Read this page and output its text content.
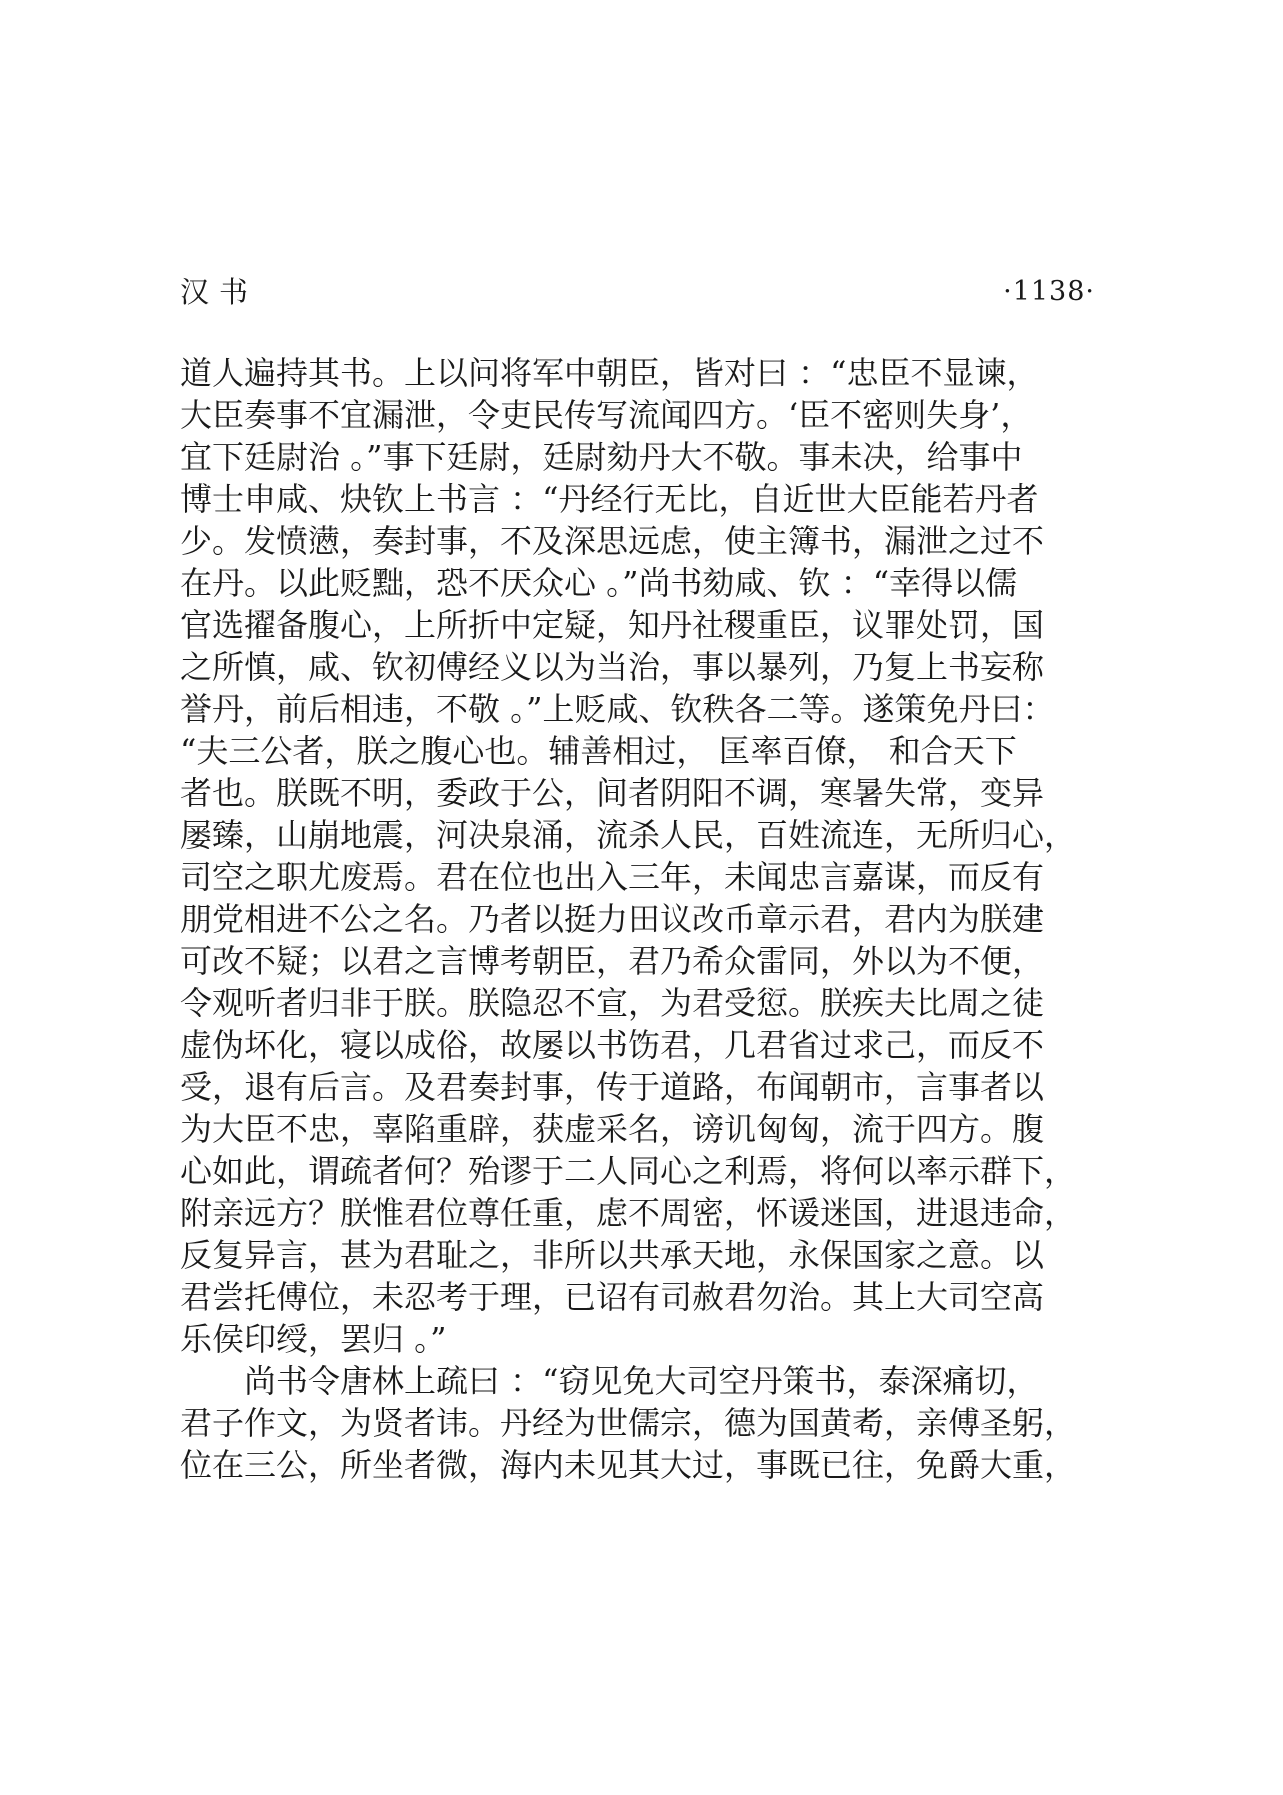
汉书	·1138·
道人遍持其书。上以问将军中朝臣，皆对曰 ：“忠臣不显谏，
大臣奏事不宜漏泄，令吏民传写流闻四方。‘臣不密则失身’，
宜下廷尉治 。”事下廷尉，廷尉劾丹大不敬。事未决，给事中
博士申咸、炔钦上书言 ：“丹经行无比，自近世大臣能若丹者
少。发愤懑，奏封事，不及深思远虑，使主簿书，漏泄之过不
在丹。以此贬黜，恐不厌众心 。”尚书劾咸、钦 ：“幸得以儒
官选擢备腹心，上所折中定疑，知丹社稷重臣，议罪处罚，国
之所慎，咸、钦初傅经义以为当治，事以暴列，乃复上书妄称
誉丹，前后相违，不敬 。”上贬咸、钦秩各二等。遂策免丹曰：
“夫三公者，朕之腹心也。辅善相过， 匡率百僚， 和合天下
者也。朕既不明，委政于公，间者阴阳不调，寒暑失常，变异
屡臻，山崩地震，河决泉涌，流杀人民，百姓流连，无所归心，
司空之职尤废焉。君在位也出入三年，未闻忠言嘉谋，而反有
朋党相进不公之名。乃者以挺力田议改币章示君，君内为朕建
可改不疑；以君之言博考朝臣，君乃希众雷同，外以为不便，
令观听者归非于朕。朕隐忍不宣，为君受愆。朕疾夫比周之徒
虚伪坏化，寝以成俗，故屡以书饬君，几君省过求己，而反不
受，退有后言。及君奏封事，传于道路，布闻朝市，言事者以
为大臣不忠，辜陷重辟，获虚采名，谤讥匈匈，流于四方。腹
心如此，谓疏者何？殆谬于二人同心之利焉，将何以率示群下，
附亲远方？朕惟君位尊任重，虑不周密，怀谖迷国，进退违命，
反复异言，甚为君耻之，非所以共承天地，永保国家之意。以
君尝托傅位，未忍考于理，已诏有司赦君勿治。其上大司空高
乐侯印绶，罢归 。”
　　尚书令唐林上疏曰 ：“窃见免大司空丹策书，泰深痛切，
君子作文，为贤者讳。丹经为世儒宗，德为国黄耇，亲傅圣躬，
位在三公，所坐者微，海内未见其大过，事既已往，免爵大重，
